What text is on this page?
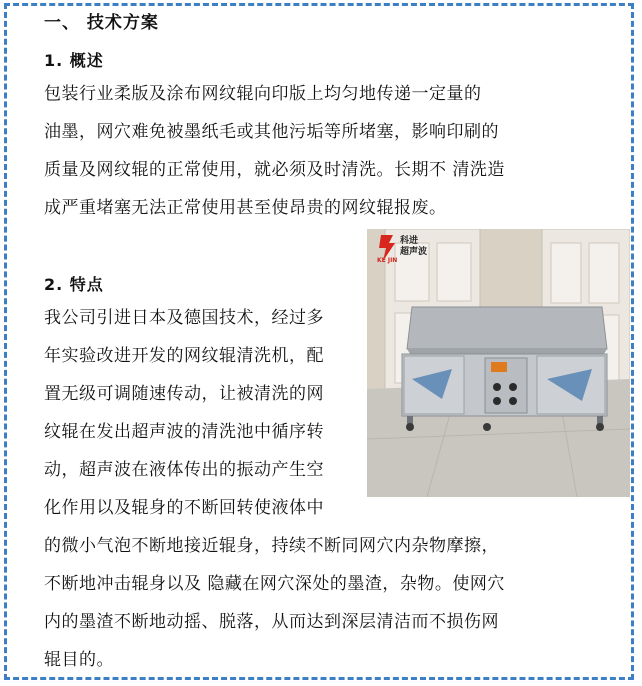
一、 技术方案
1. 概述
包装行业柔版及涂布网纹辊向印版上均匀地传递一定量的
油墨，网穴难免被墨纸毛或其他污垢等所堵塞，影响印刷的
质量及网纹辊的正常使用，就必须及时清洗。长期不 清洗造
成严重堵塞无法正常使用甚至使昂贵的网纹辊报废。
2. 特点
我公司引进日本及德国技术，经过多
年实验改进开发的网纹辊清洗机，配
置无级可调随速传动，让被清洗的网
纹辊在发出超声波的清洗池中循序转
动，超声波在液体传出的振动产生空
化作用以及辊身的不断回转使液体中
的微小气泡不断地接近辊身，持续不断同网穴内杂物摩擦，
不断地冲击辊身以及 隐藏在网穴深处的墨渣，杂物。使网穴
内的墨渣不断地动摇、脱落，从而达到深层清洁而不损伤网
辊目的。
科进
超声波
KE JIN
